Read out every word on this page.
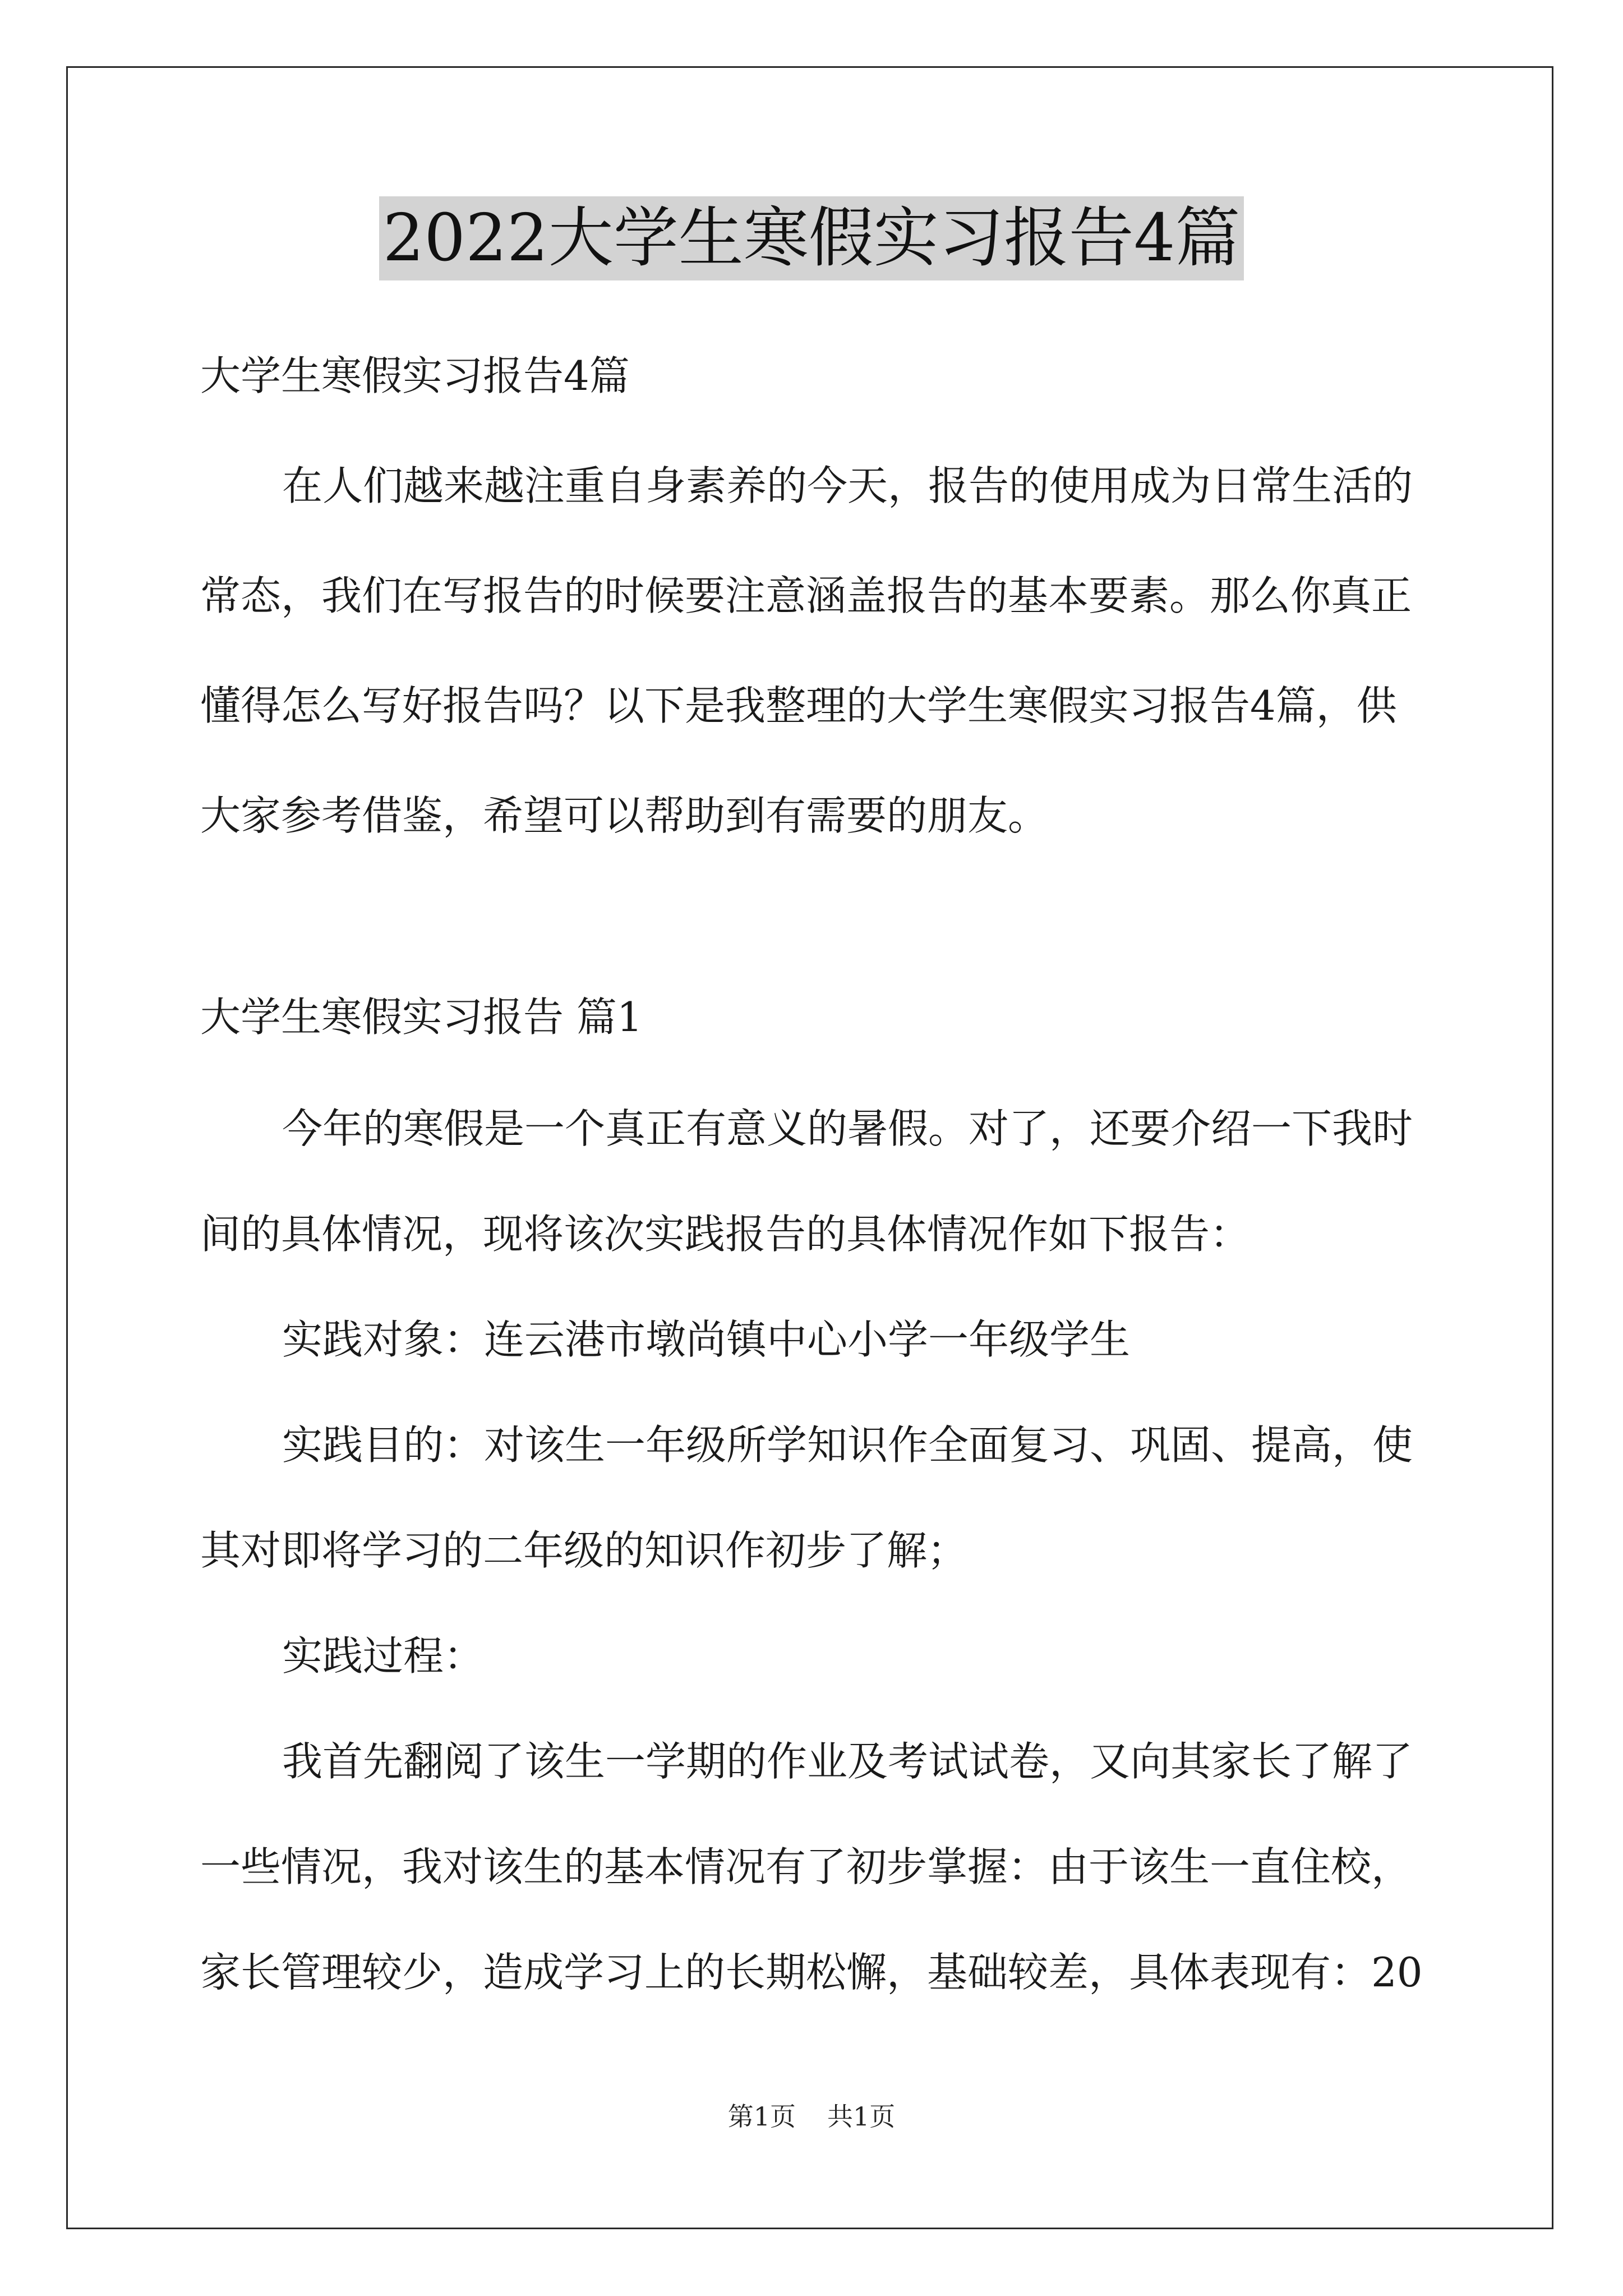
2022大学生寒假实习报告4篇
大学生寒假实习报告4篇
在人们越来越注重自身素养的今天，报告的使用成为日常生活的
常态，我们在写报告的时候要注意涵盖报告的基本要素。那么你真正
懂得怎么写好报告吗？以下是我整理的大学生寒假实习报告4篇，供
大家参考借鉴，希望可以帮助到有需要的朋友。
大学生寒假实习报告 篇1
今年的寒假是一个真正有意义的暑假。对了，还要介绍一下我时
间的具体情况，现将该次实践报告的具体情况作如下报告：
实践对象：连云港市墩尚镇中心小学一年级学生
实践目的：对该生一年级所学知识作全面复习、巩固、提高，使
其对即将学习的二年级的知识作初步了解；
实践过程：
我首先翻阅了该生一学期的作业及考试试卷，又向其家长了解了
一些情况，我对该生的基本情况有了初步掌握：由于该生一直住校，
家长管理较少，造成学习上的长期松懈，基础较差，具体表现有：20
第1页 共1页
